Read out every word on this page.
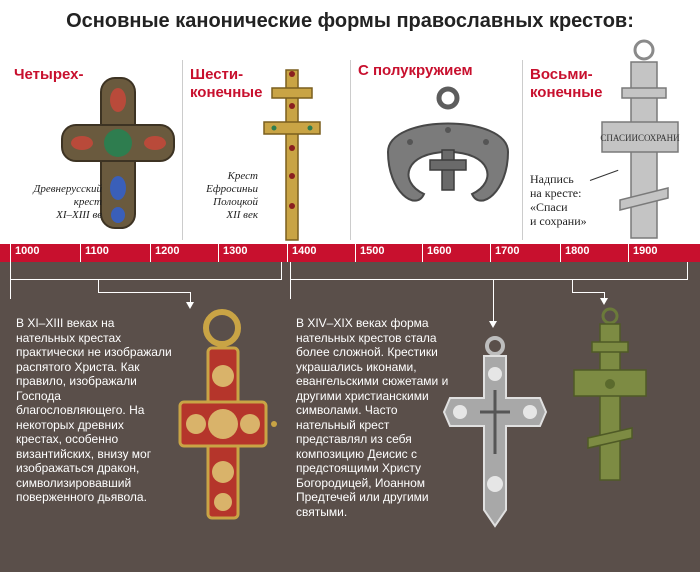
Основные канонические формы православных крестов:
Четырех-
Древнерусский
крест
XI–XIII вв
Шести-
конечные
Крест
Ефросиньи
Полоцкой
XII век
С полукружием	Восьми-
конечные
СПАСИИСОХРАНИ
Надпись
на кресте:
«Спаси
и сохрани»
1000	1100	1200	1300	1400	1500	1600	1700	1800	1900
В XI–XIII веках на нательных крестах практически не изображали распятого Христа. Как правило, изображали Господа благословляющего. На некоторых древних крестах, особенно византийских, внизу мог изображаться дракон, символизировавший поверженного дьявола.
В XIV–XIX веках форма нательных крестов стала более сложной. Крестики украшались иконами, евангельскими сюжетами и другими христианскими символами. Часто нательный крест представлял из себя композицию Деисис с предстоящими Христу Богородицей, Иоанном Предтечей или другими святыми.
